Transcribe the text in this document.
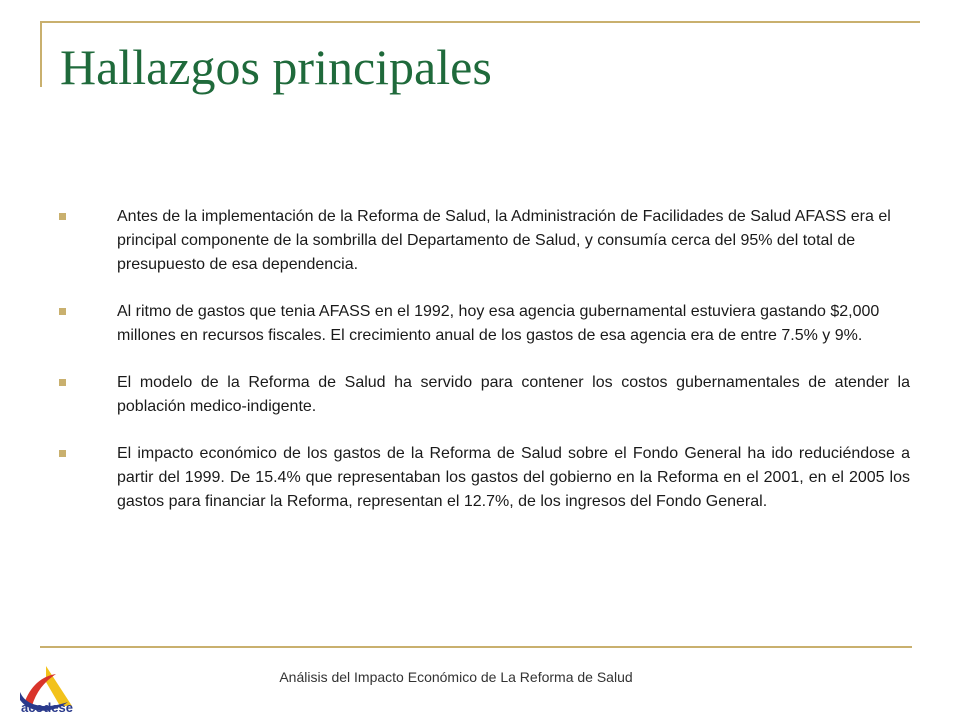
Hallazgos principales
Antes de la implementación de la Reforma de Salud, la Administración de Facilidades de Salud AFASS era el principal componente de la sombrilla del Departamento de Salud, y consumía cerca del 95% del total de presupuesto de esa dependencia.
Al ritmo de gastos que tenia AFASS en el 1992, hoy esa agencia gubernamental estuviera gastando $2,000 millones en recursos fiscales. El crecimiento anual de los gastos de esa agencia era de entre 7.5% y 9%.
El modelo de la Reforma de Salud ha servido para contener los costos gubernamentales de atender la población medico-indigente.
El impacto económico de los gastos de la Reforma de Salud sobre el Fondo General ha ido reduciéndose a partir del 1999. De 15.4% que representaban los gastos del gobierno en la Reforma en el 2001, en el 2005 los gastos para financiar la Reforma, representan el 12.7%, de los ingresos del Fondo General.
Análisis del Impacto Económico de La Reforma de Salud
acodese
